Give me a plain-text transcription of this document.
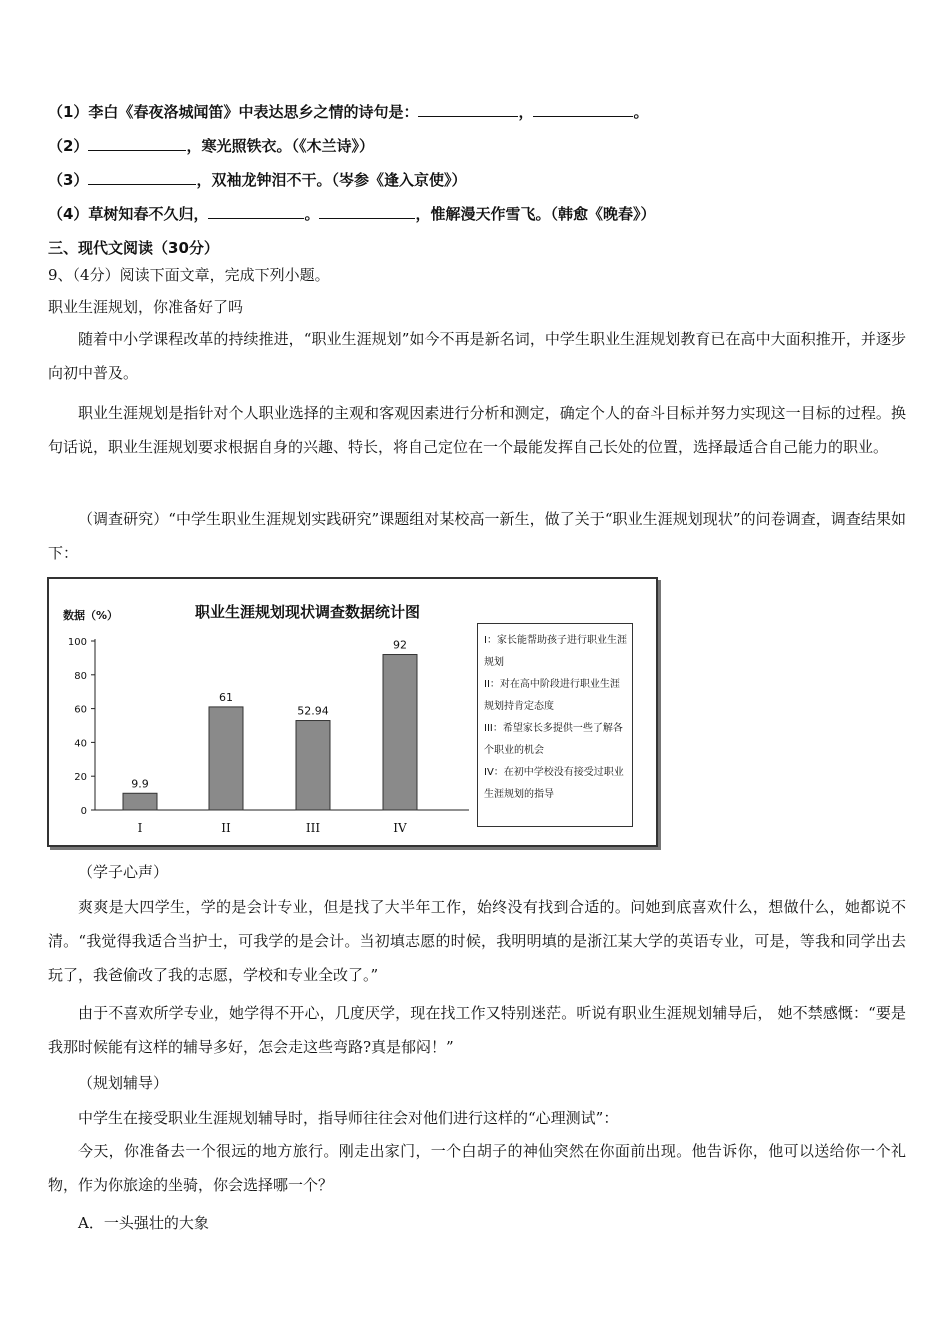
（1）李白《春夜洛城闻笛》中表达思乡之情的诗句是：	，	。
（2）	，寒光照铁衣。（《木兰诗》）
（3）	，双袖龙钟泪不干。（岑参《逢入京使》）
（4）草树知春不久归，	。	，惟解漫天作雪飞。（韩愈《晚春》）
三、现代文阅读（30分）
9、（4分）阅读下面文章，完成下列小题。
职业生涯规划，你准备好了吗
随着中小学课程改革的持续推进，“职业生涯规划”如今不再是新名词，中学生职业生涯规划教育已在高中大面积推开，并逐步向初中普及。
职业生涯规划是指针对个人职业选择的主观和客观因素进行分析和测定，确定个人的奋斗目标并努力实现这一目标的过程。换句话说，职业生涯规划要求根据自身的兴趣、特长，将自己定位在一个最能发挥自己长处的位置，选择最适合自己能力的职业。
（调查研究）“中学生职业生涯规划实践研究”课题组对某校高一新生，做了关于“职业生涯规划现状”的问卷调查，调查结果如下：
数据（%）	职业生涯规划现状调查数据统计图
0
20
40
60
80
100
9.9
I
61
II
52.94
III
92
IV
I：家长能帮助孩子进行职业生涯规划
II：对在高中阶段进行职业生涯规划持肯定态度
III：希望家长多提供一些了解各个职业的机会
IV：在初中学校没有接受过职业生涯规划的指导
（学子心声）
爽爽是大四学生，学的是会计专业，但是找了大半年工作，始终没有找到合适的。问她到底喜欢什么，想做什么，她都说不清。“我觉得我适合当护士，可我学的是会计。当初填志愿的时候，我明明填的是浙江某大学的英语专业，可是，等我和同学出去玩了，我爸偷改了我的志愿，学校和专业全改了。”
由于不喜欢所学专业，她学得不开心，几度厌学，现在找工作又特别迷茫。听说有职业生涯规划辅导后， 她不禁感慨：“要是我那时候能有这样的辅导多好，怎会走这些弯路?真是郁闷！”
（规划辅导）
中学生在接受职业生涯规划辅导时，指导师往往会对他们进行这样的“心理测试”：
今天，你准备去一个很远的地方旅行。刚走出家门，一个白胡子的神仙突然在你面前出现。他告诉你，他可以送给你一个礼物，作为你旅途的坐骑，你会选择哪一个？
A．一头强壮的大象
